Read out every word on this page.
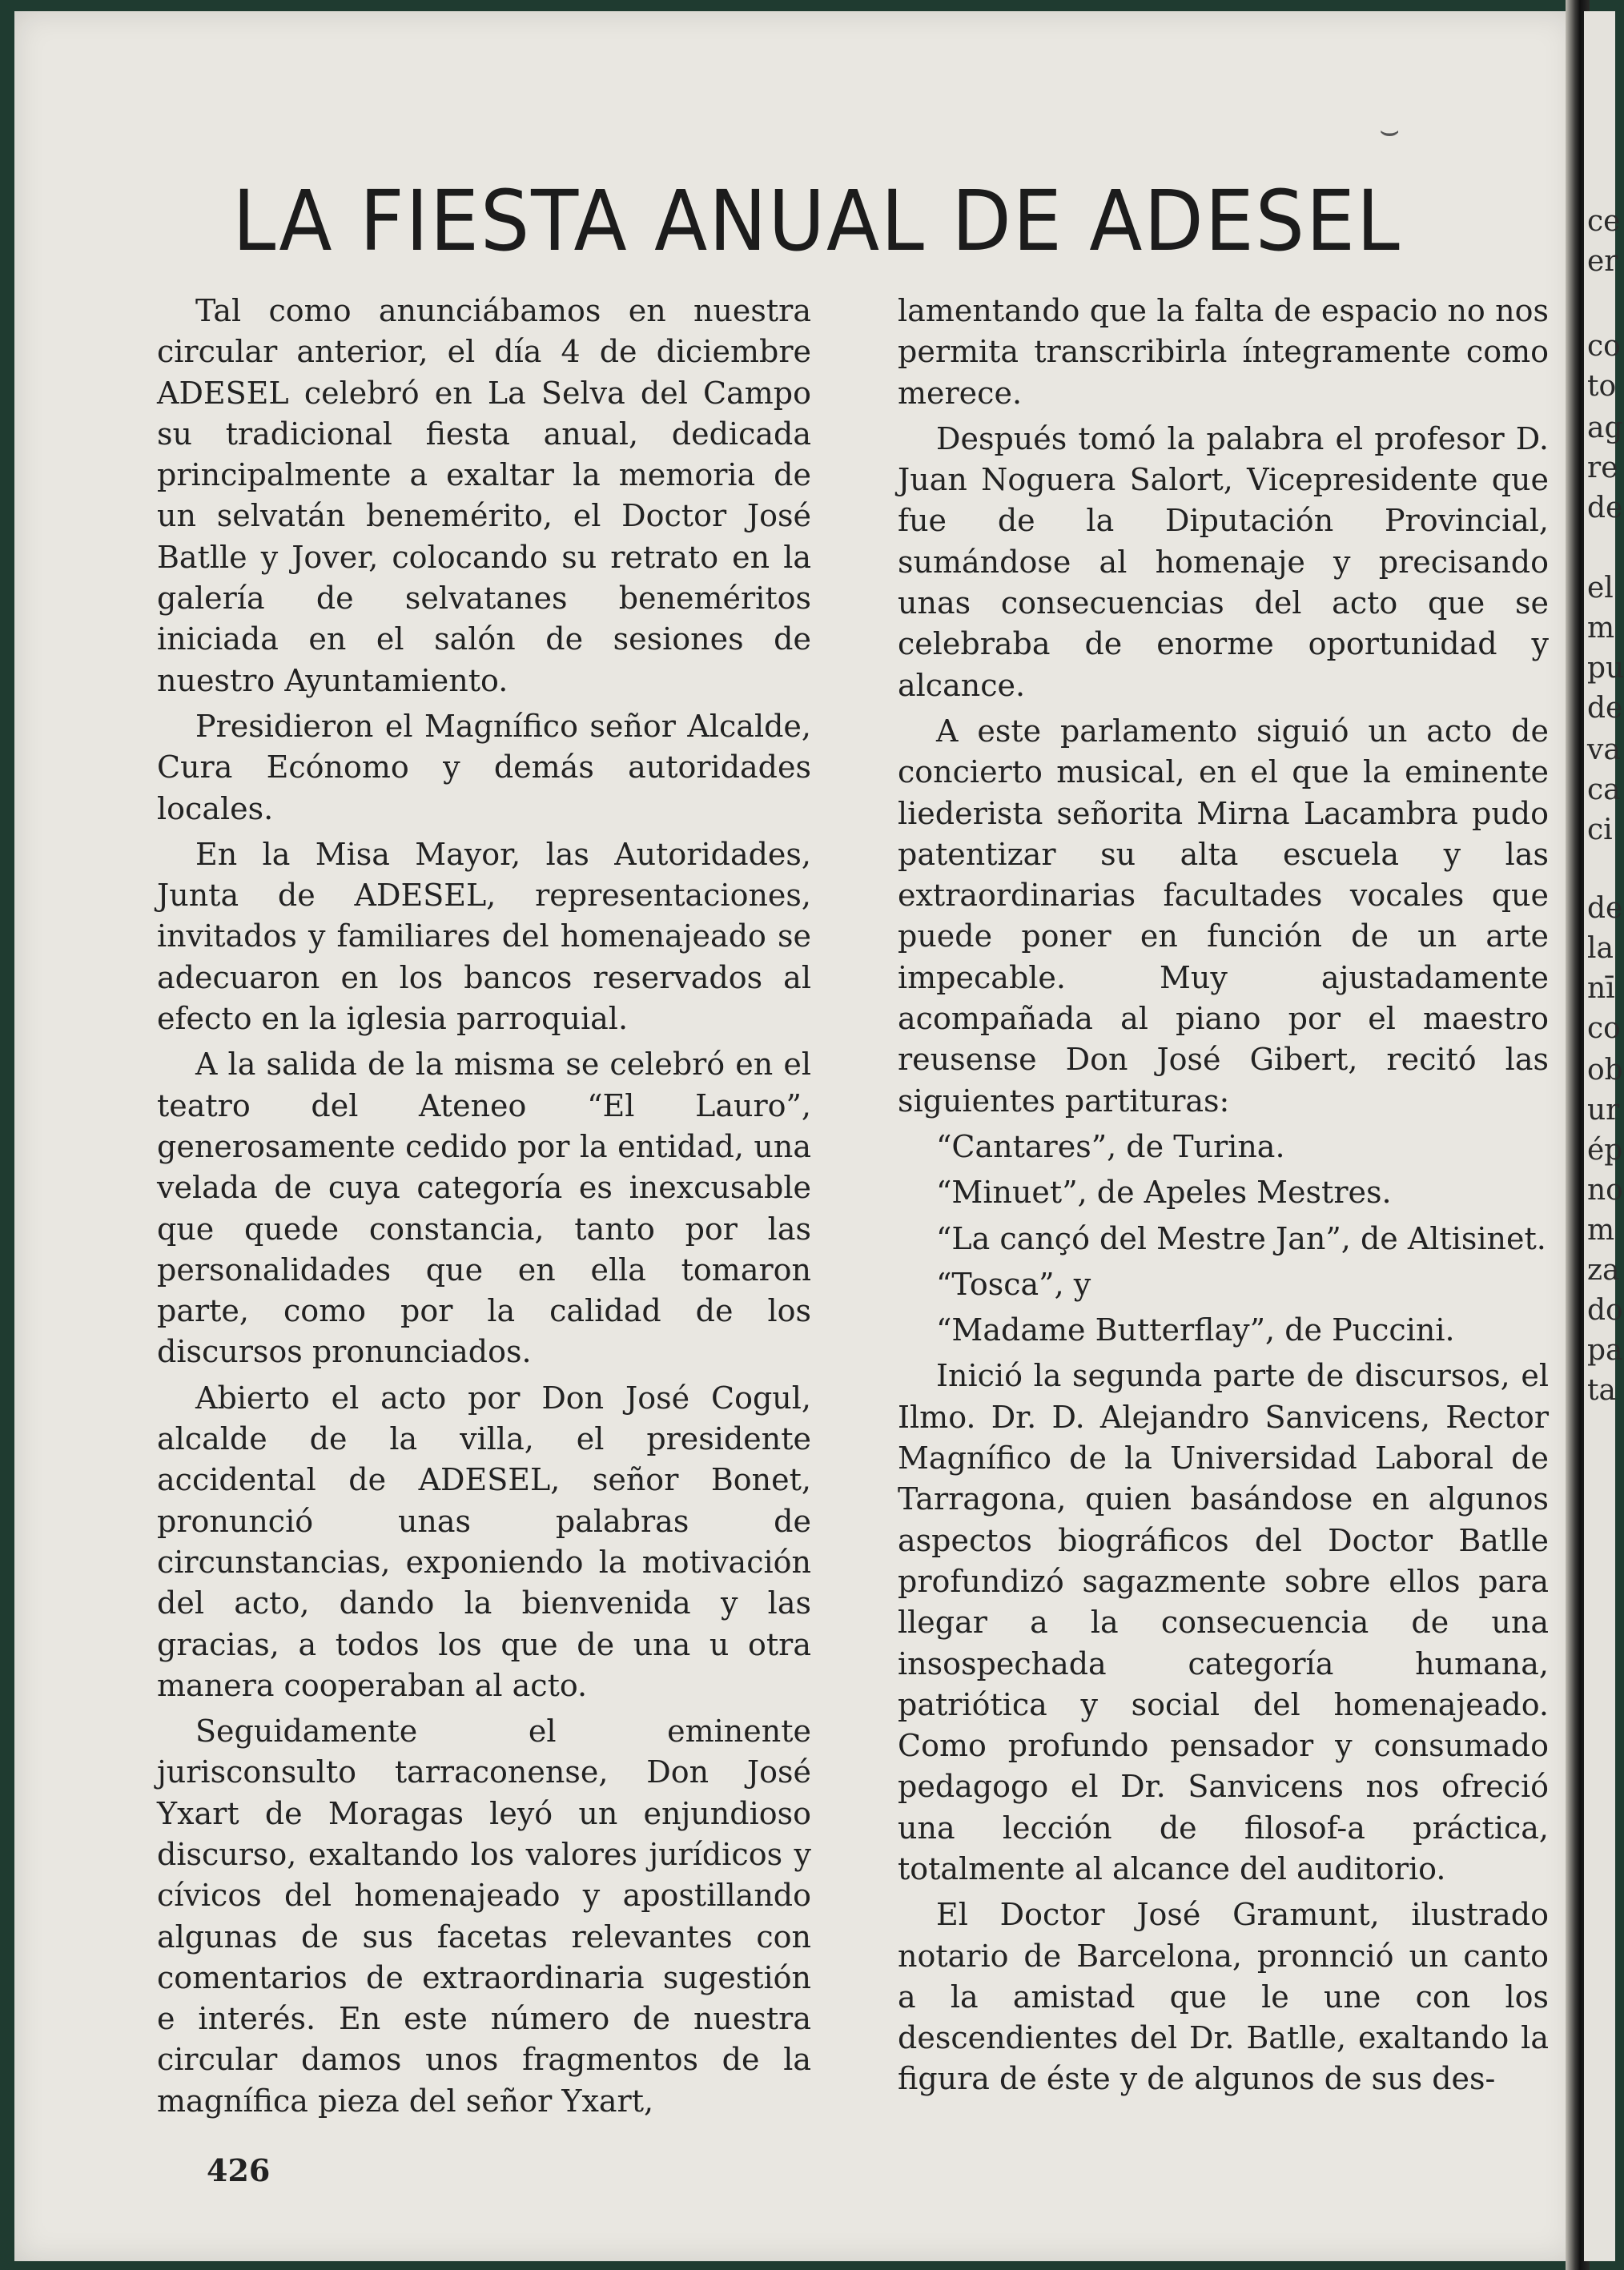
ce
er
co
to
ag
re
de
el
m
pu
de
va
ca
ci
de
la
nī
co
ob
ur
ép
no
m
za
do
pa
ta
⌣
LA FIESTA ANUAL DE ADESEL

Tal como anunciábamos en nuestra circular anterior, el día 4 de diciembre ADESEL celebró en La Selva del Campo su tradicional fiesta anual, dedicada principalmente a exaltar la memoria de un selvatán benemérito, el Doctor José Batlle y Jover, colocando su retrato en la galería de selvatanes beneméritos iniciada en el salón de sesiones de nuestro Ayuntamiento.

Presidieron el Magnífico señor Alcalde, Cura Ecónomo y demás autoridades locales.

En la Misa Mayor, las Autoridades, Junta de ADESEL, representaciones, invitados y familiares del homenajeado se adecuaron en los bancos reservados al efecto en la iglesia parroquial.

A la salida de la misma se celebró en el teatro del Ateneo “El Lauro”, generosamente cedido por la entidad, una velada de cuya categoría es inexcusable que quede constancia, tanto por las personalidades que en ella tomaron parte, como por la calidad de los discursos pronunciados.

Abierto el acto por Don José Cogul, alcalde de la villa, el presidente accidental de ADESEL, señor Bonet, pronunció unas palabras de circunstancias, exponiendo la motivación del acto, dando la bienvenida y las gracias, a todos los que de una u otra manera cooperaban al acto.

Seguidamente el eminente jurisconsulto tarraconense, Don José Yxart de Moragas leyó un enjundioso discurso, exaltando los valores jurídicos y cívicos del homenajeado y apostillando algunas de sus facetas relevantes con comentarios de extraordinaria sugestión e interés. En este número de nuestra circular damos unos fragmentos de la magnífica pieza del señor Yxart,

lamentando que la falta de espacio no nos permita transcribirla íntegramente como merece.

Después tomó la palabra el profesor D. Juan Noguera Salort, Vicepresidente que fue de la Diputación Provincial, sumándose al homenaje y precisando unas consecuencias del acto que se celebraba de enorme oportunidad y alcance.

A este parlamento siguió un acto de concierto musical, en el que la eminente liederista señorita Mirna Lacambra pudo patentizar su alta escuela y las extraordinarias facultades vocales que puede poner en función de un arte impecable. Muy ajustadamente acompañada al piano por el maestro reusense Don José Gibert, recitó las siguientes partituras:

“Cantares”, de Turina.

“Minuet”, de Apeles Mestres.

“La cançó del Mestre Jan”, de Altisinet.

“Tosca”, y

“Madame Butterflay”, de Puccini.

Inició la segunda parte de discursos, el Ilmo. Dr. D. Alejandro Sanvicens, Rector Magnífico de la Universidad Laboral de Tarragona, quien basándose en algunos aspectos biográficos del Doctor Batlle profundizó sagazmente sobre ellos para llegar a la consecuencia de una insospechada categoría humana, patriótica y social del homenajeado. Como profundo pensador y consumado pedagogo el Dr. Sanvicens nos ofreció una lección de filosof-a práctica, totalmente al alcance del auditorio.

El Doctor José Gramunt, ilustrado notario de Barcelona, pronnció un canto a la amistad que le une con los descendientes del Dr. Batlle, exaltando la figura de éste y de algunos de sus des-

426
